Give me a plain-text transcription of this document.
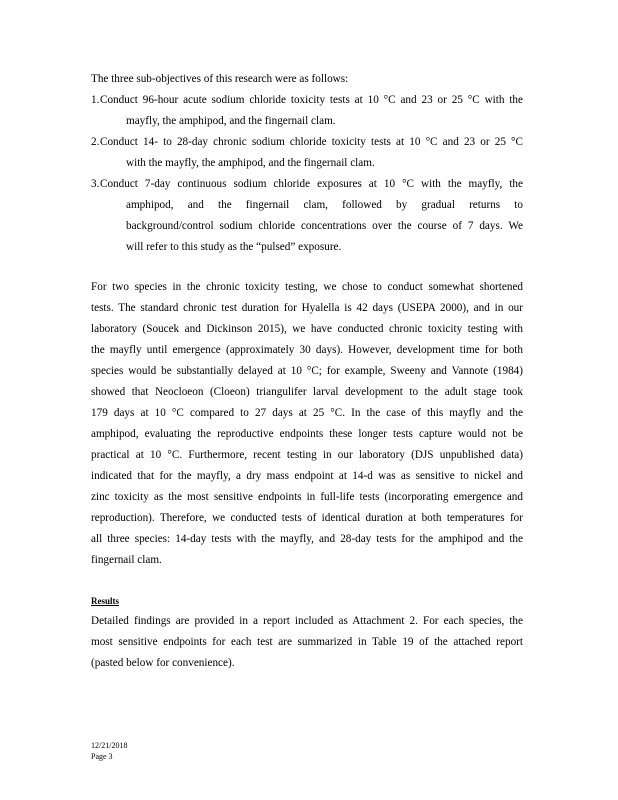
The three sub-objectives of this research were as follows:
1. Conduct 96-hour acute sodium chloride toxicity tests at 10 °C and 23 or 25 °C with the
mayfly, the amphipod, and the fingernail clam.
2. Conduct 14- to 28-day chronic sodium chloride toxicity tests at 10 °C and 23 or 25 °C
with the mayfly, the amphipod, and the fingernail clam.
3. Conduct 7-day continuous sodium chloride exposures at 10 °C with the mayfly, the
amphipod, and the fingernail clam, followed by gradual returns to
background/control sodium chloride concentrations over the course of 7 days. We
will refer to this study as the “pulsed” exposure.
For two species in the chronic toxicity testing, we chose to conduct somewhat shortened
tests. The standard chronic test duration for Hyalella is 42 days (USEPA 2000), and in our
laboratory (Soucek and Dickinson 2015), we have conducted chronic toxicity testing with
the mayfly until emergence (approximately 30 days). However, development time for both
species would be substantially delayed at 10 °C; for example, Sweeny and Vannote (1984)
showed that Neocloeon (Cloeon) triangulifer larval development to the adult stage took
179 days at 10 °C compared to 27 days at 25 °C. In the case of this mayfly and the
amphipod, evaluating the reproductive endpoints these longer tests capture would not be
practical at 10 °C. Furthermore, recent testing in our laboratory (DJS unpublished data)
indicated that for the mayfly, a dry mass endpoint at 14-d was as sensitive to nickel and
zinc toxicity as the most sensitive endpoints in full-life tests (incorporating emergence and
reproduction). Therefore, we conducted tests of identical duration at both temperatures for
all three species: 14-day tests with the mayfly, and 28-day tests for the amphipod and the
fingernail clam.
Results
Detailed findings are provided in a report included as Attachment 2. For each species, the
most sensitive endpoints for each test are summarized in Table 19 of the attached report
(pasted below for convenience).
12/21/2018
Page 3
